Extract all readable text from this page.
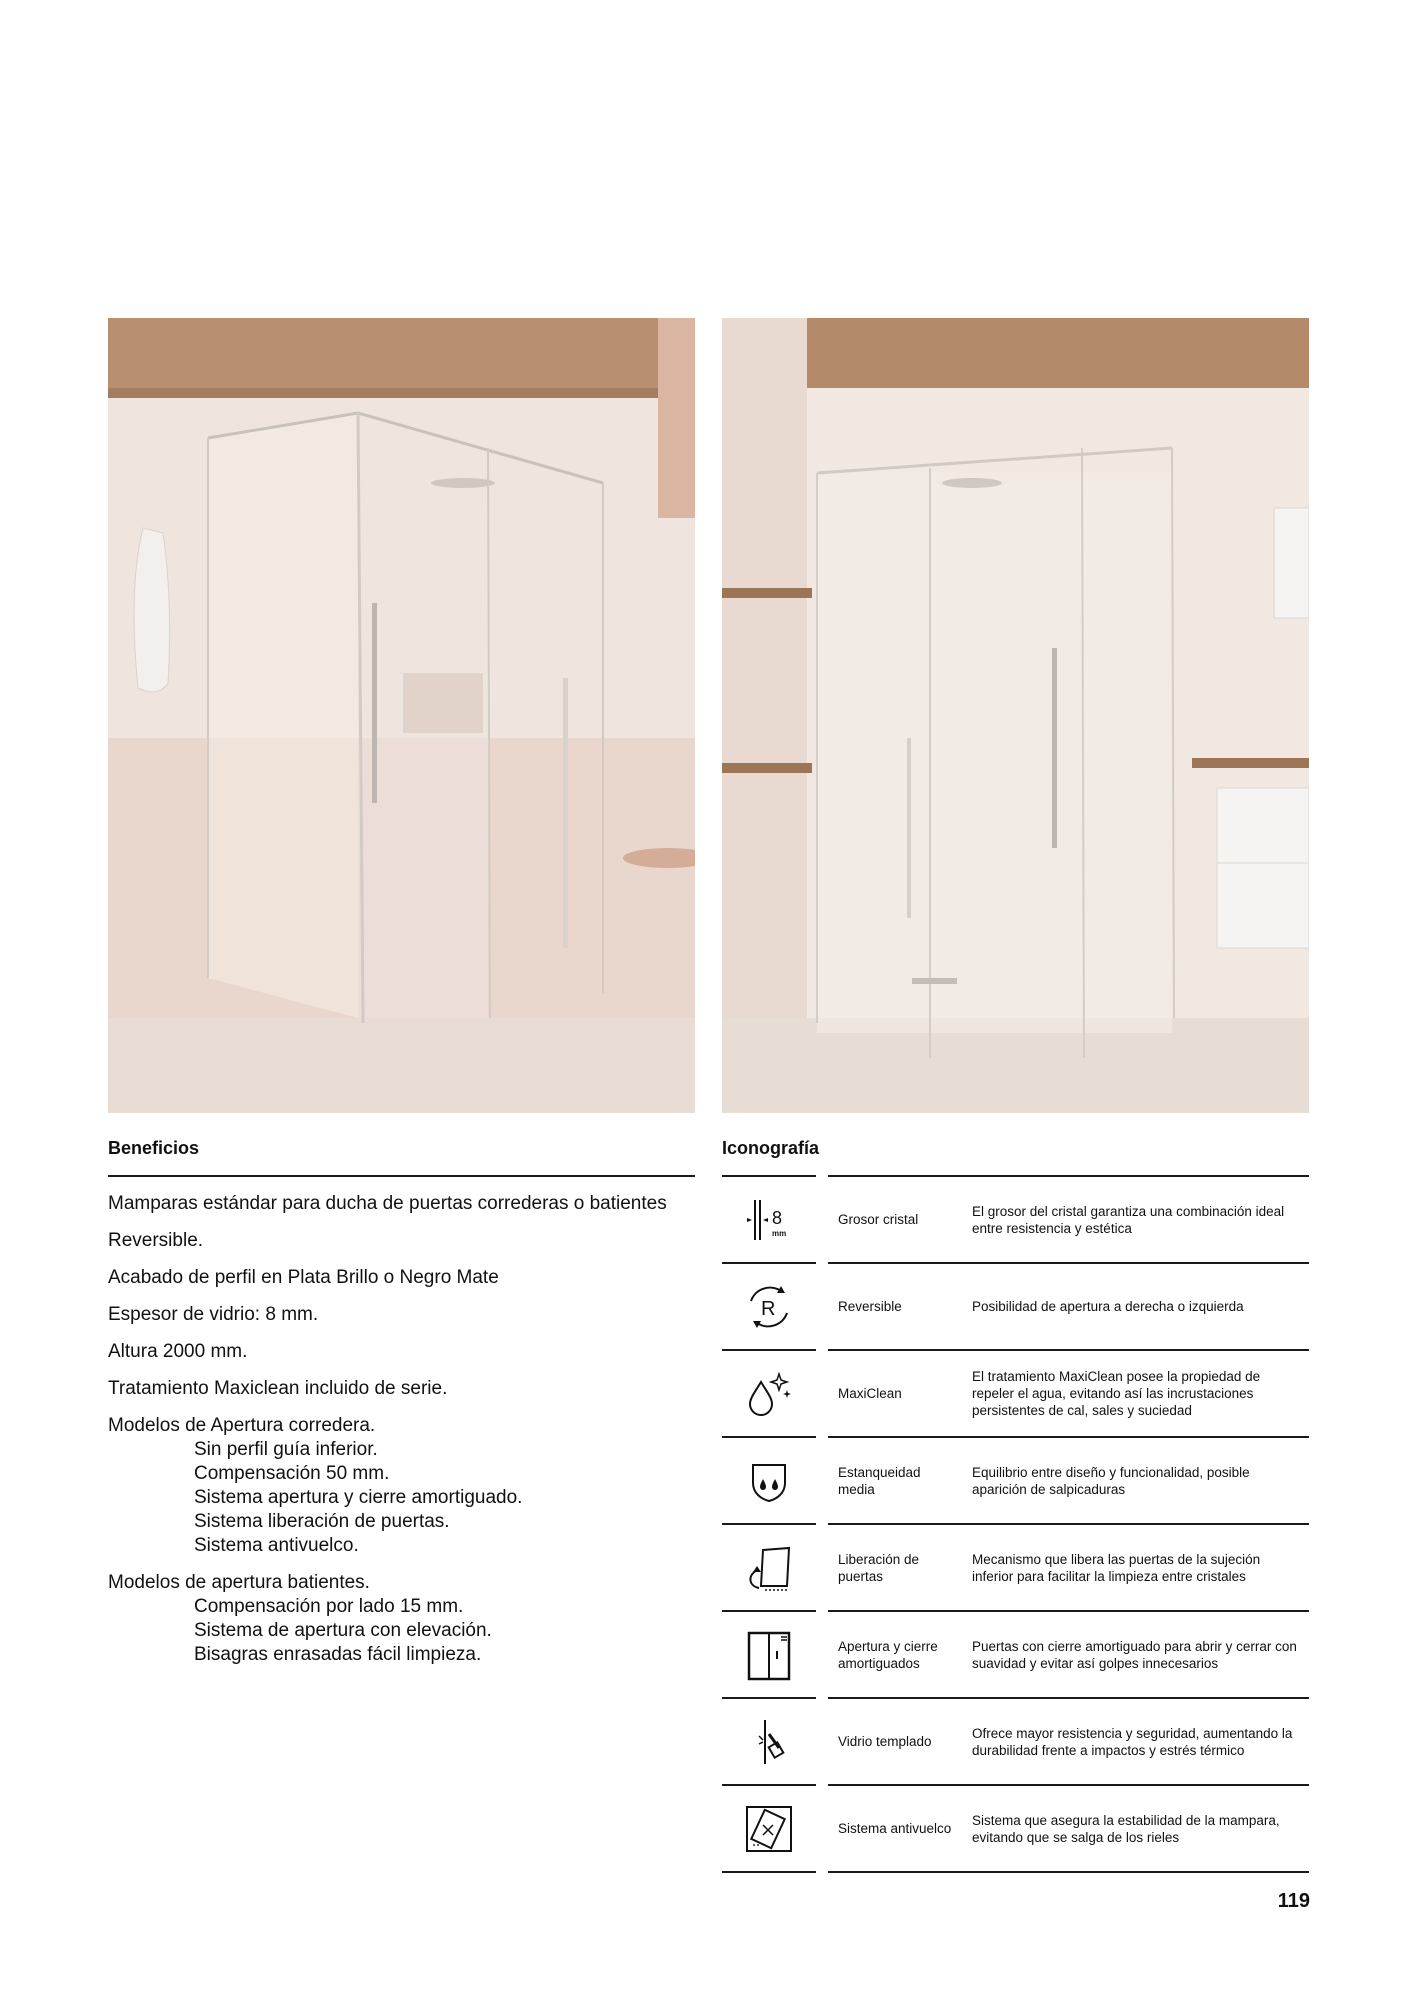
Beneficios
Mamparas estándar para ducha de puertas correderas o batientes
Reversible.
Acabado de perfil en Plata Brillo o Negro Mate
Espesor de vidrio: 8 mm.
Altura 2000 mm.
Tratamiento Maxiclean incluido de serie.
Modelos de Apertura corredera.
Sin perfil guía inferior.
Compensación 50 mm.
Sistema apertura y cierre amortiguado.
Sistema liberación de puertas.
Sistema antivuelco.
Modelos de apertura batientes.
Compensación por lado 15 mm.
Sistema de apertura con elevación.
Bisagras enrasadas fácil limpieza.
Iconografía
8
mm
Grosor cristal
El grosor del cristal garantiza una combinación ideal entre resistencia y estética
R	Reversible	Posibilidad de apertura a derecha o izquierda
MaxiClean
El tratamiento MaxiClean posee la propiedad de repeler el agua, evitando así las incrustaciones persistentes de cal, sales y suciedad
Estanqueidad media
Equilibrio entre diseño y funcionalidad, posible aparición de salpicaduras
Liberación de puertas
Mecanismo que libera las puertas de la sujeción inferior para facilitar la limpieza entre cristales
Apertura y cierre amortiguados
Puertas con cierre amortiguado para abrir y cerrar con suavidad y evitar así golpes innecesarios
Vidrio templado
Ofrece mayor resistencia y seguridad, aumentando la durabilidad frente a impactos y estrés térmico
Sistema antivuelco
Sistema que asegura la estabilidad de la mampara, evitando que se salga de los rieles
119
